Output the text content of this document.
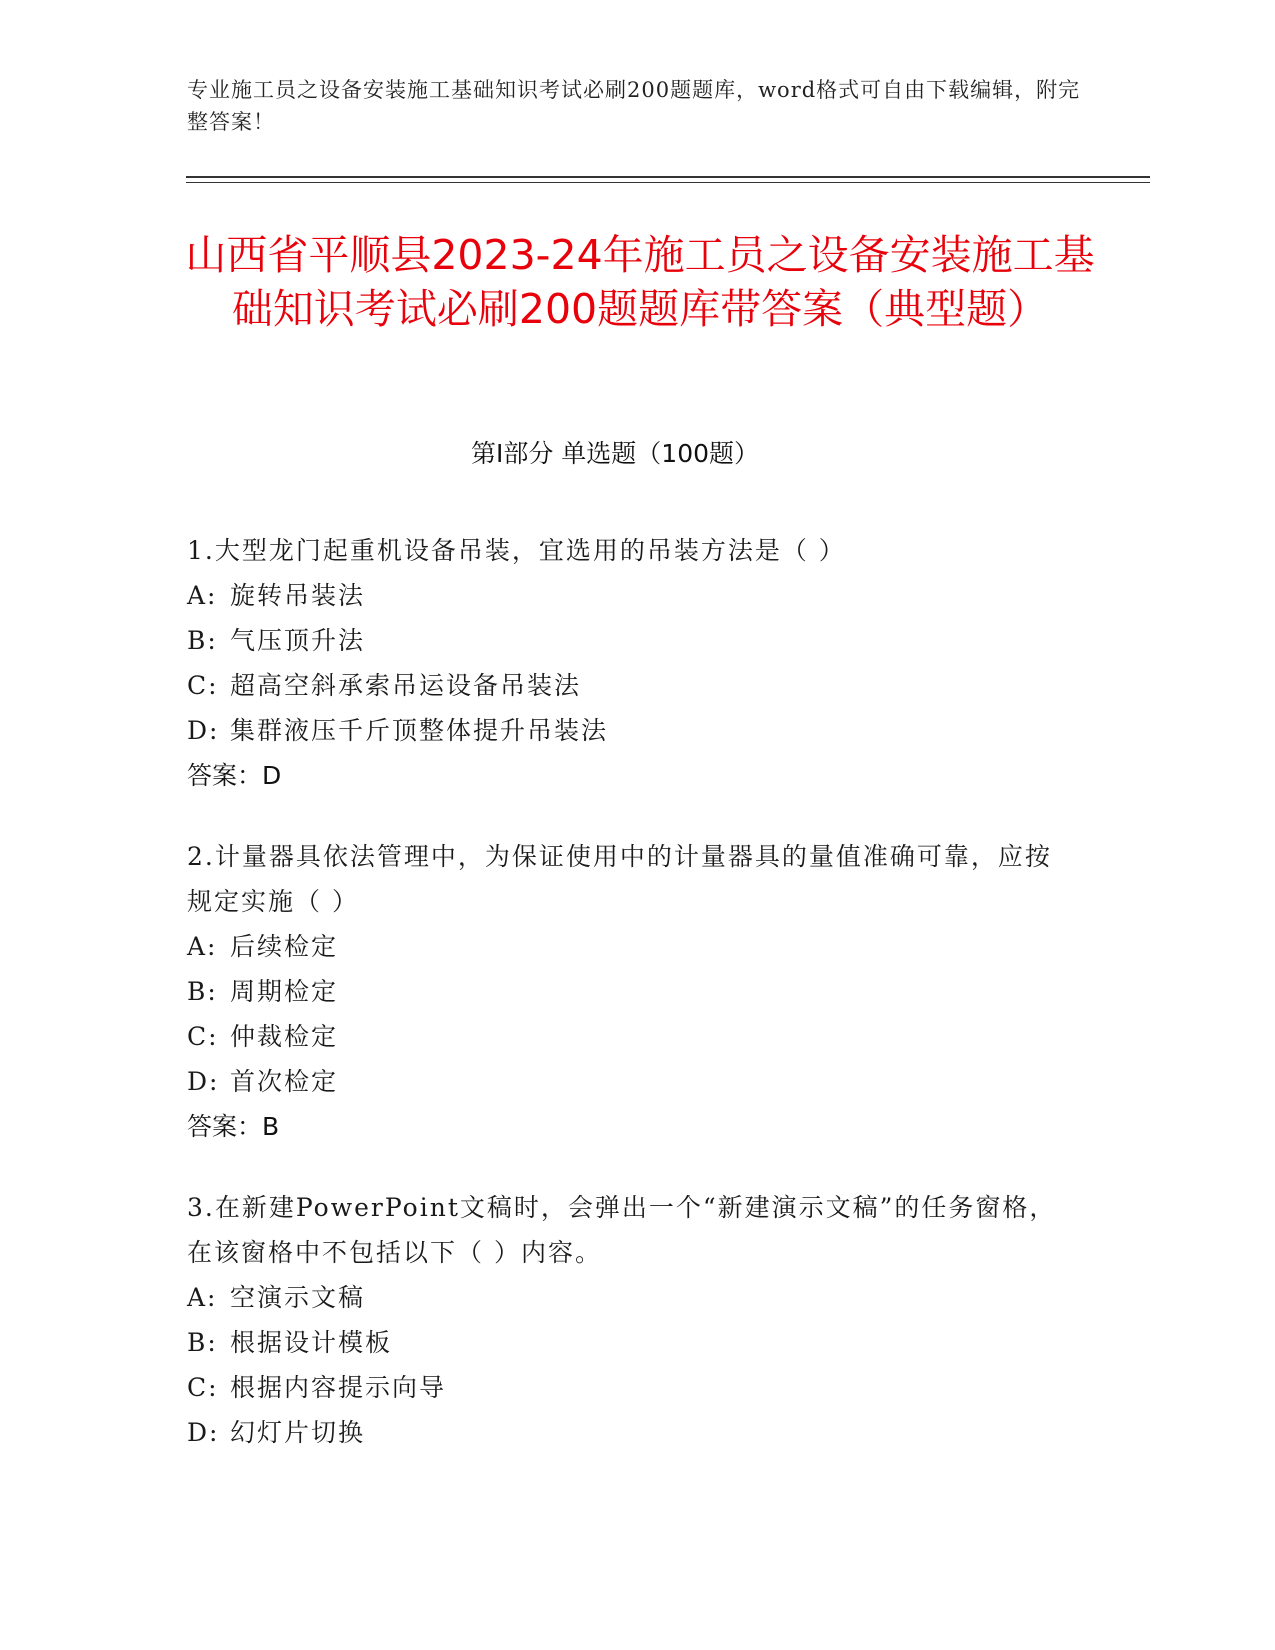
专业施工员之设备安装施工基础知识考试必刷200题题库，word格式可自由下载编辑，附完整答案！
山西省平顺县2023-24年施工员之设备安装施工基础知识考试必刷200题题库带答案（典型题）
第I部分 单选题（100题）
1.大型龙门起重机设备吊装，宜选用的吊装方法是（ ）
A: 旋转吊装法
B: 气压顶升法
C: 超高空斜承索吊运设备吊装法
D: 集群液压千斤顶整体提升吊装法
答案：D
2.计量器具依法管理中，为保证使用中的计量器具的量值准确可靠，应按规定实施（ ）
A: 后续检定
B: 周期检定
C: 仲裁检定
D: 首次检定
答案：B
3.在新建PowerPoint文稿时，会弹出一个“新建演示文稿”的任务窗格，在该窗格中不包括以下（ ）内容。
A: 空演示文稿
B: 根据设计模板
C: 根据内容提示向导
D: 幻灯片切换
